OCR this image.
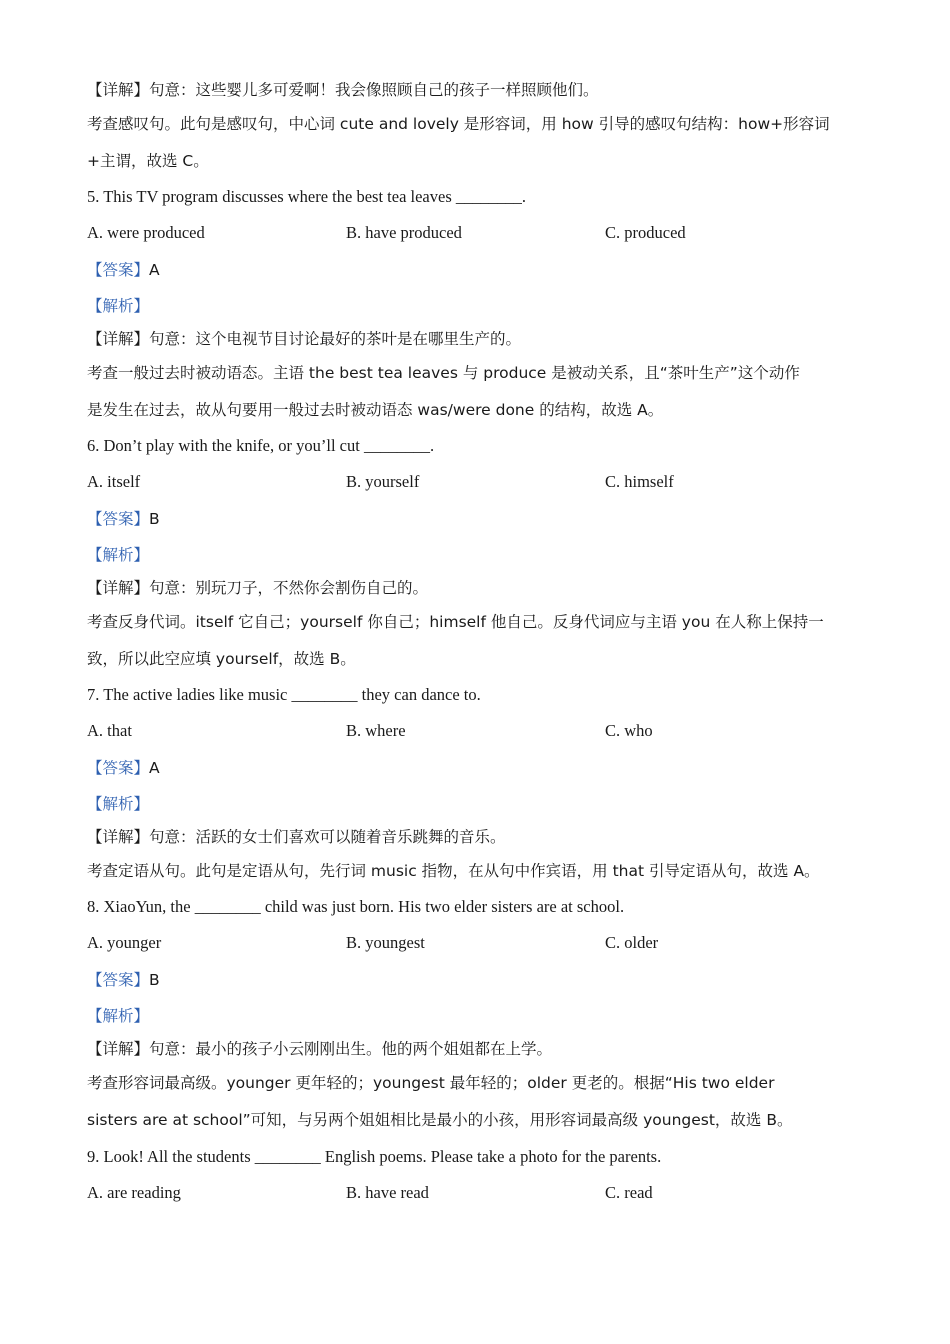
【详解】句意：这些婴儿多可爱啊！我会像照顾自己的孩子一样照顾他们。
考查感叹句。此句是感叹句，中心词 cute and lovely 是形容词，用 how 引导的感叹句结构：how+形容词
+主谓，故选 C。
5. This TV program discusses where the best tea leaves ________.
A. were produced	B. have produced	C. produced
【答案】A
【解析】
【详解】句意：这个电视节目讨论最好的茶叶是在哪里生产的。
考查一般过去时被动语态。主语 the best tea leaves 与 produce 是被动关系，且“茶叶生产”这个动作
是发生在过去，故从句要用一般过去时被动语态 was/were done 的结构，故选 A。
6. Don’t play with the knife, or you’ll cut ________.
A. itself	B. yourself	C. himself
【答案】B
【解析】
【详解】句意：别玩刀子，不然你会割伤自己的。
考查反身代词。itself 它自己；yourself 你自己；himself 他自己。反身代词应与主语 you 在人称上保持一
致，所以此空应填 yourself，故选 B。
7. The active ladies like music ________ they can dance to.
A. that	B. where	C. who
【答案】A
【解析】
【详解】句意：活跃的女士们喜欢可以随着音乐跳舞的音乐。
考查定语从句。此句是定语从句，先行词 music 指物，在从句中作宾语，用 that 引导定语从句，故选 A。
8. XiaoYun, the ________ child was just born. His two elder sisters are at school.
A. younger	B. youngest	C. older
【答案】B
【解析】
【详解】句意：最小的孩子小云刚刚出生。他的两个姐姐都在上学。
考查形容词最高级。younger 更年轻的；youngest 最年轻的；older 更老的。根据“His two elder
sisters are at school”可知，与另两个姐姐相比是最小的小孩，用形容词最高级 youngest，故选 B。
9. Look! All the students ________ English poems. Please take a photo for the parents.
A. are reading	B. have read	C. read
